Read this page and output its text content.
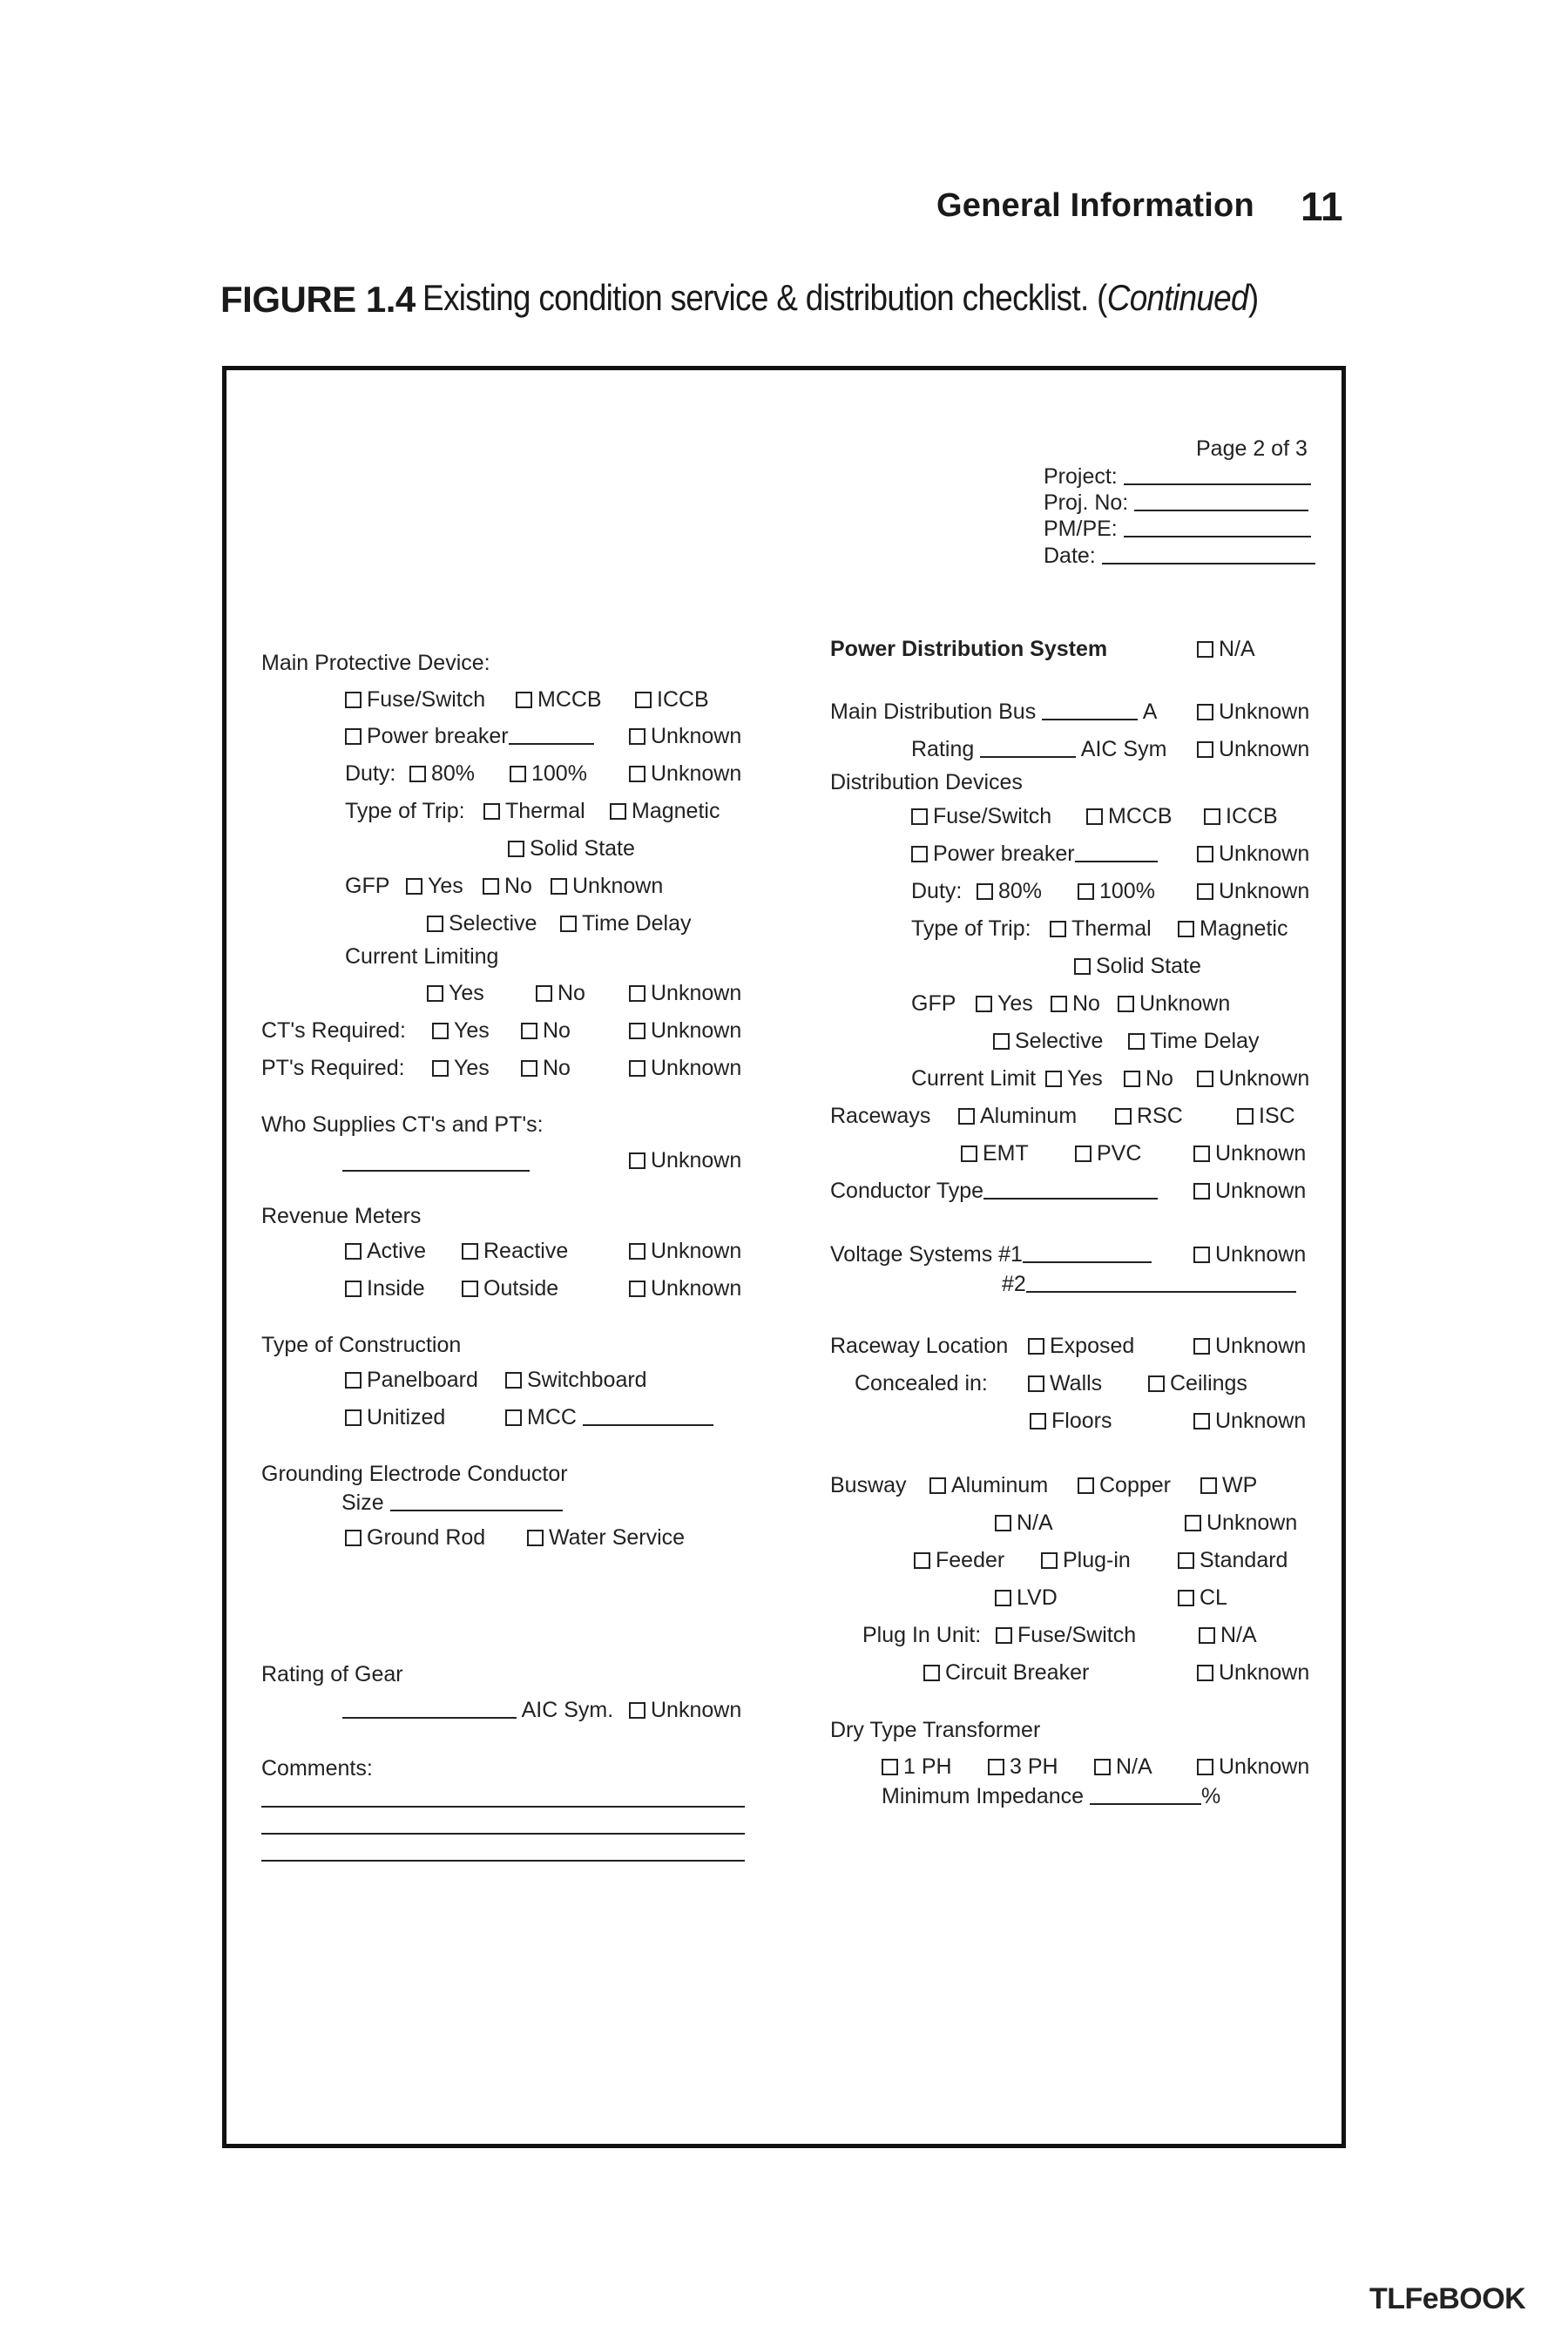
General Information 11
FIGURE 1.4 Existing condition service & distribution checklist. (Continued)
Page 2 of 3
Project:
Proj. No:
PM/PE:
Date:
Main Protective Device:
Fuse/Switch	MCCB	ICCB
Power breaker	Unknown
Duty:	80%	100%	Unknown
Type of Trip:	Thermal	Magnetic
Solid State
GFP	Yes	No	Unknown
Selective	Time Delay
Current Limiting
Yes	No	Unknown
CT's Required:	Yes	No	Unknown
PT's Required:	Yes	No	Unknown
Who Supplies CT's and PT's:
Unknown
Revenue Meters
Active	Reactive	Unknown
Inside	Outside	Unknown
Type of Construction
Panelboard	Switchboard
Unitized	MCC
Grounding Electrode Conductor
Size
Ground Rod	Water Service
Rating of Gear
AIC Sym.	Unknown
Comments:
Power Distribution System	N/A
Main Distribution Bus	A	Unknown
Rating	AIC Sym	Unknown
Distribution Devices
Fuse/Switch	MCCB	ICCB
Power breaker	Unknown
Duty:	80%	100%	Unknown
Type of Trip:	Thermal	Magnetic
Solid State
GFP	Yes	No	Unknown
Selective	Time Delay
Current Limit	Yes	No	Unknown
Raceways	Aluminum	RSC	ISC
EMT	PVC	Unknown
Conductor Type	Unknown
Voltage Systems #1	Unknown
#2
Raceway Location	Exposed	Unknown
Concealed in:	Walls	Ceilings
Floors	Unknown
Busway	Aluminum	Copper	WP
N/A	Unknown
Feeder	Plug-in	Standard
LVD	CL
Plug In Unit:	Fuse/Switch	N/A
Circuit Breaker	Unknown
Dry Type Transformer
1 PH	3 PH	N/A	Unknown
Minimum Impedance	%
TLFeBOOK
